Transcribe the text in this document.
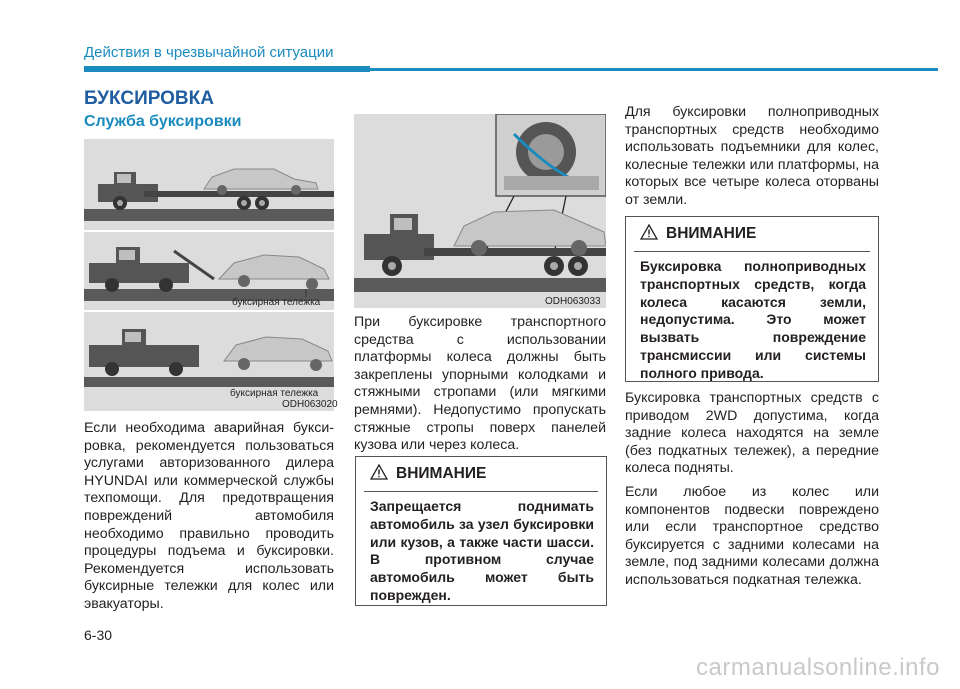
Действия в чрезвычайной ситуации
БУКСИРОВКА
Служба буксировки
буксирная тележка
буксирная тележка
ODH063020

Если необходима аварийная букси-ровка, рекомендуется пользоваться услугами авторизованного дилера HYUNDAI или коммерческой службы техпомощи. Для предотвращения повреждений автомобиля необходимо правильно проводить процедуры подъема и буксировки. Рекомендуется использовать буксирные тележки для колес или эвакуаторы.

ODH063033

При буксировке транспортного средства с использовании платформы колеса должны быть закреплены упорными колодками и стяжными стропами (или мягкими ремнями). Недопустимо пропускать стяжные стропы поверх панелей кузова или через колеса.

ВНИМАНИЕ
Запрещается поднимать автомобиль за узел буксировки или кузов, а также части шасси. В противном случае автомобиль может быть поврежден.

Для буксировки полноприводных транспортных средств необходимо использовать подъемники для колес, колесные тележки или платформы, на которых все четыре колеса оторваны от земли.

ВНИМАНИЕ
Буксировка полноприводных транспортных средств, когда колеса касаются земли, недопустима. Это может вызвать повреждение трансмиссии или системы полного привода.

Буксировка транспортных средств с приводом 2WD допустима, когда задние колеса находятся на земле (без подкатных тележек), а передние колеса подняты.

Если любое из колес или компонентов подвески повреждено или если транспортное средство буксируется с задними колесами на земле, под задними колесами должна использоваться подкатная тележка.

6-30
carmanualsonline.info
